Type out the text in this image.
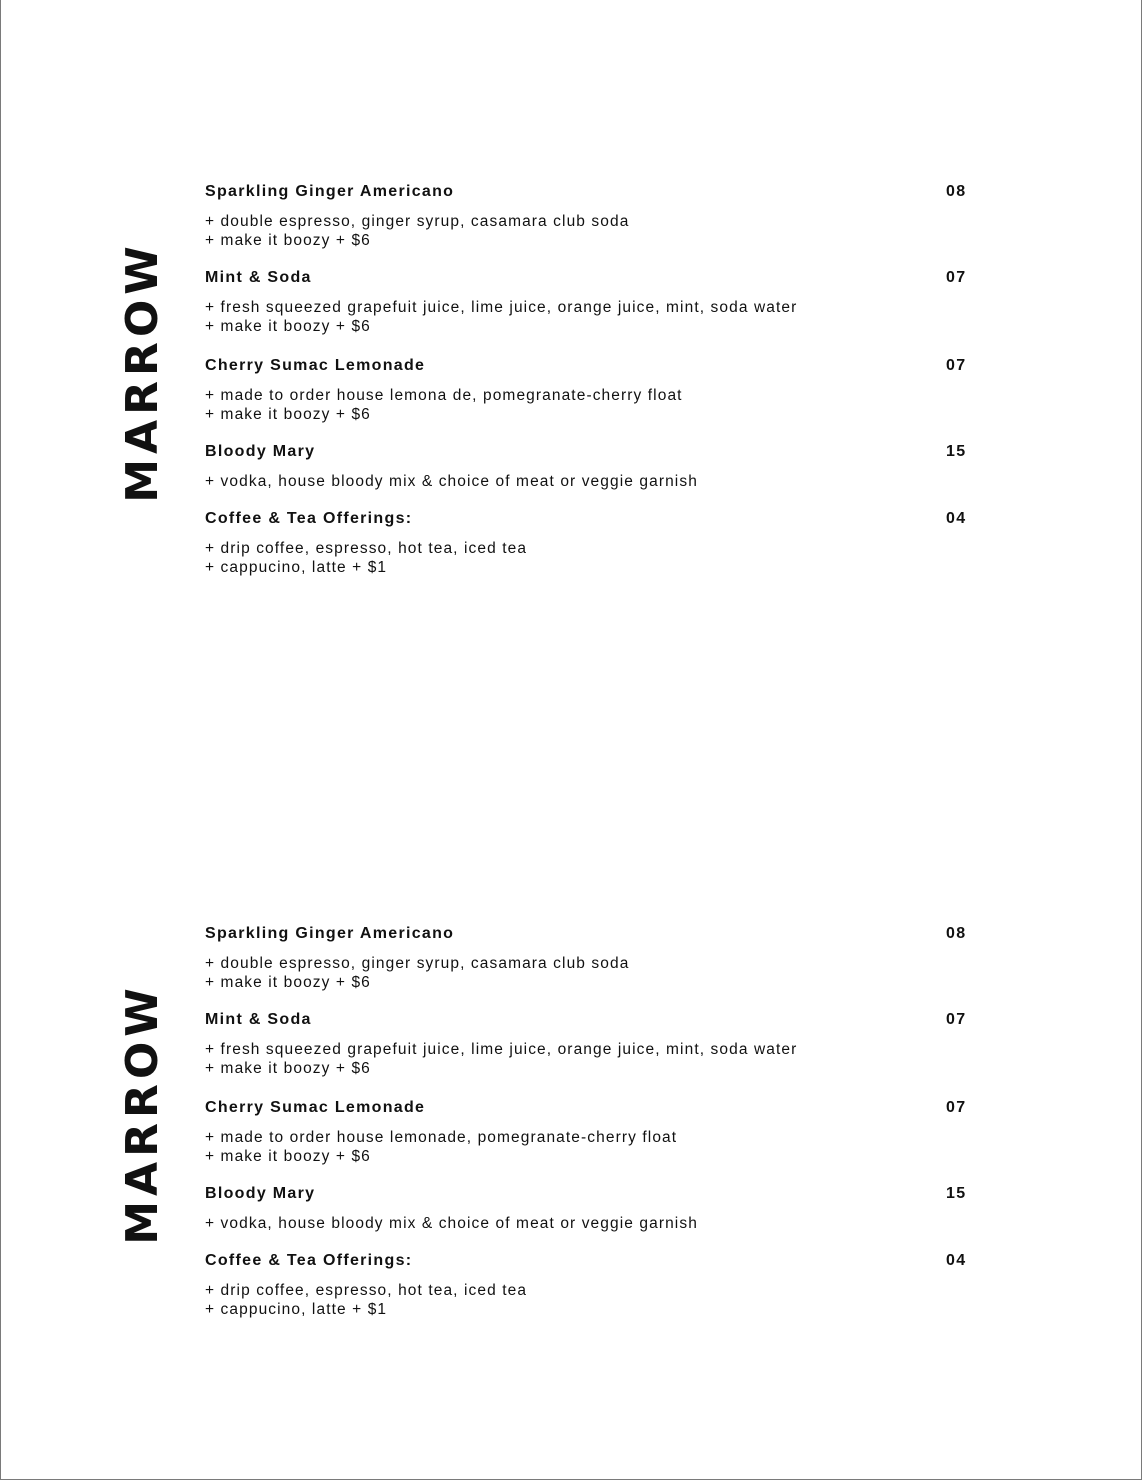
MARROW
Sparkling Ginger Americano	08
+ double espresso, ginger syrup, casamara club soda
+ make it boozy + $6
Mint & Soda	07
+ fresh squeezed grapefuit juice, lime juice, orange juice, mint, soda water
+ make it boozy + $6
Cherry Sumac Lemonade	07
+ made to order house lemona de, pomegranate-cherry float
+ make it boozy + $6
Bloody Mary	15
+ vodka, house bloody mix & choice of meat or veggie garnish
Coffee & Tea Offerings:	04
+ drip coffee, espresso, hot tea, iced tea
+ cappucino, latte + $1
MARROW
Sparkling Ginger Americano	08
+ double espresso, ginger syrup, casamara club soda
+ make it boozy + $6
Mint & Soda	07
+ fresh squeezed grapefuit juice, lime juice, orange juice, mint, soda water
+ make it boozy + $6
Cherry Sumac Lemonade	07
+ made to order house lemonade, pomegranate-cherry float
+ make it boozy + $6
Bloody Mary	15
+ vodka, house bloody mix & choice of meat or veggie garnish
Coffee & Tea Offerings:	04
+ drip coffee, espresso, hot tea, iced tea
+ cappucino, latte + $1
